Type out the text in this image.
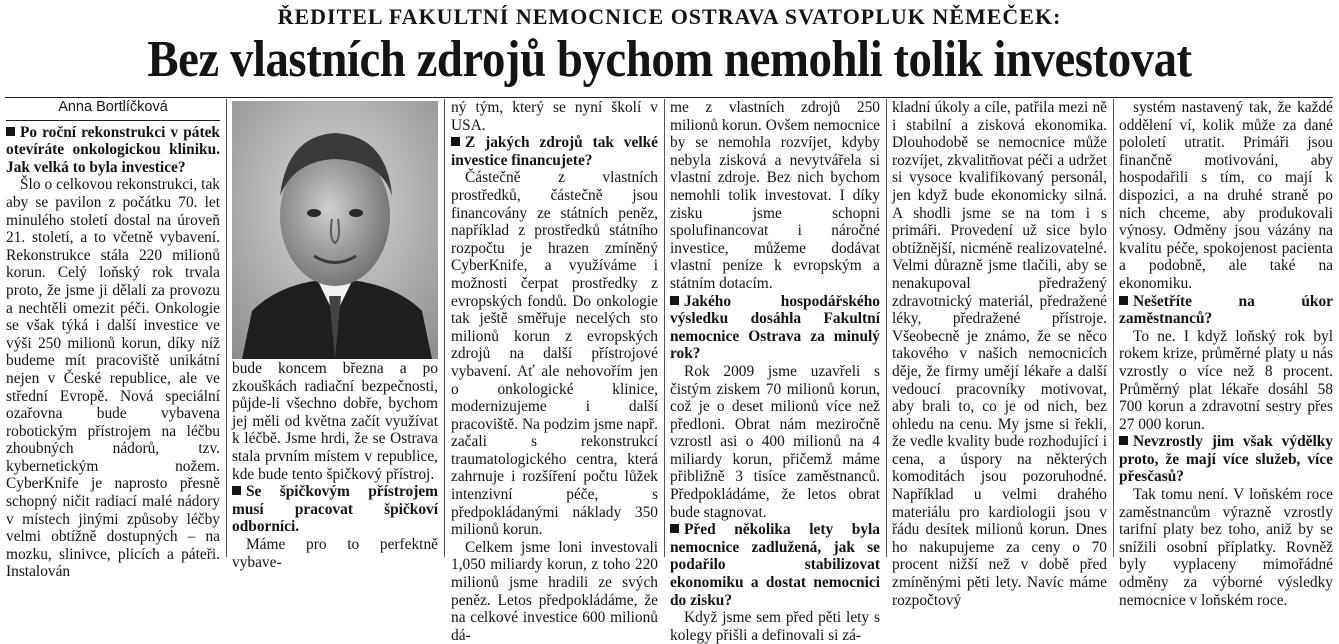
ŘEDITEL FAKULTNÍ NEMOCNICE OSTRAVA SVATOPLUK NĚMEČEK:
Bez vlastních zdrojů bychom nemohli tolik investovat
Anna Bortlíčková

Po roční rekonstrukci v pátek otevíráte onkologickou kliniku. Jak velká to byla investice?

Šlo o celkovou rekonstrukci, tak aby se pavilon z počátku 70. let minulého století dostal na úroveň 21. století, a to včetně vybavení. Rekonstrukce stála 220 milionů korun. Celý loňský rok trvala proto, že jsme ji dělali za provozu a nechtěli omezit péči. Onkologie se však týká i další investice ve výši 250 milionů korun, díky níž budeme mít pracoviště unikátní nejen v České republice, ale ve střední Evropě. Nová speciální ozařovna bude vybavena robotickým přístrojem na léčbu zhoubných nádorů, tzv. kybernetickým nožem. CyberKnife je naprosto přesně schopný ničit radiací malé nádory v místech jinými způsoby léčby velmi obtížně dostupných – na mozku, slinivce, plicích a páteři. Instalován

bude koncem března a po zkouškách radiační bezpečnosti, půjde-li všechno dobře, bychom jej měli od května začít využívat k léčbě. Jsme hrdi, že se Ostrava stala prvním místem v republice, kde bude tento špičkový přístroj.

Se špičkovým přístrojem musí pracovat špičkoví odborníci.

Máme pro to perfektně vybave-

ný tým, který se nyní školí v USA.

Z jakých zdrojů tak velké investice financujete?

Částečně z vlastních prostředků, částečně jsou financovány ze státních peněz, například z prostředků státního rozpočtu je hrazen zmíněný CyberKnife, a využíváme i možnosti čerpat prostředky z evropských fondů. Do onkologie tak ještě směřuje necelých sto milionů korun z evropských zdrojů na další přístrojové vybavení. Ať ale nehovořím jen o onkologické klinice, modernizujeme i další pracoviště. Na podzim jsme např. začali s rekonstrukcí traumatologického centra, která zahrnuje i rozšíření počtu lůžek intenzivní péče, s předpokládanými náklady 350 milionů korun.

Celkem jsme loni investovali 1,050 miliardy korun, z toho 220 milionů jsme hradili ze svých peněz. Letos předpokládáme, že na celkové investice 600 milionů dá-

me z vlastních zdrojů 250 milionů korun. Ovšem nemocnice by se nemohla rozvíjet, kdyby nebyla zisková a nevytvářela si vlastní zdroje. Bez nich bychom nemohli tolik investovat. I díky zisku jsme schopni spolufinancovat i náročné investice, můžeme dodávat vlastní peníze k evropským a státním dotacím.

Jakého hospodářského výsledku dosáhla Fakultní nemocnice Ostrava za minulý rok?

Rok 2009 jsme uzavřeli s čistým ziskem 70 milionů korun, což je o deset milionů více než předloni. Obrat nám meziročně vzrostl asi o 400 milionů na 4 miliardy korun, přičemž máme přibližně 3 tisíce zaměstnanců. Předpokládáme, že letos obrat bude stagnovat.

Před několika lety byla nemocnice zadlužená, jak se podařilo stabilizovat ekonomiku a dostat nemocnici do zisku?

Když jsme sem před pěti lety s kolegy přišli a definovali si zá-

kladní úkoly a cíle, patřila mezi ně i stabilní a zisková ekonomika. Dlouhodobě se nemocnice může rozvíjet, zkvalitňovat péči a udržet si vysoce kvalifikovaný personál, jen když bude ekonomicky silná. A shodli jsme se na tom i s primáři. Provedení už sice bylo obtížnější, nicméně realizovatelné. Velmi důrazně jsme tlačili, aby se nenakupoval předražený zdravotnický materiál, předražené léky, předražené přístroje. Všeobecně je známo, že se něco takového v našich nemocnicích děje, že firmy umějí lékaře a další vedoucí pracovníky motivovat, aby brali to, co je od nich, bez ohledu na cenu. My jsme si řekli, že vedle kvality bude rozhodující i cena, a úspory na některých komoditách jsou pozoruhodné. Například u velmi drahého materiálu pro kardiologii jsou v řádu desítek milionů korun. Dnes ho nakupujeme za ceny o 70 procent nižší než v době před zmíněnými pěti lety. Navíc máme rozpočtový

systém nastavený tak, že každé oddělení ví, kolik může za dané pololetí utratit. Primáři jsou finančně motivováni, aby hospodařili s tím, co mají k dispozici, a na druhé straně po nich chceme, aby produkovali výnosy. Odměny jsou vázány na kvalitu péče, spokojenost pacienta a podobně, ale také na ekonomiku.

Nešetříte na úkor zaměstnanců?

To ne. I když loňský rok byl rokem krize, průměrné platy u nás vzrostly o více než 8 procent. Průměrný plat lékaře dosáhl 58 700 korun a zdravotní sestry přes 27 000 korun.

Nevzrostly jim však výdělky proto, že mají více služeb, více přesčasů?

Tak tomu není. V loňském roce zaměstnancům výrazně vzrostly tarifní platy bez toho, aniž by se snížili osobní příplatky. Rovněž byly vyplaceny mimořádné odměny za výborné výsledky nemocnice v loňském roce.
